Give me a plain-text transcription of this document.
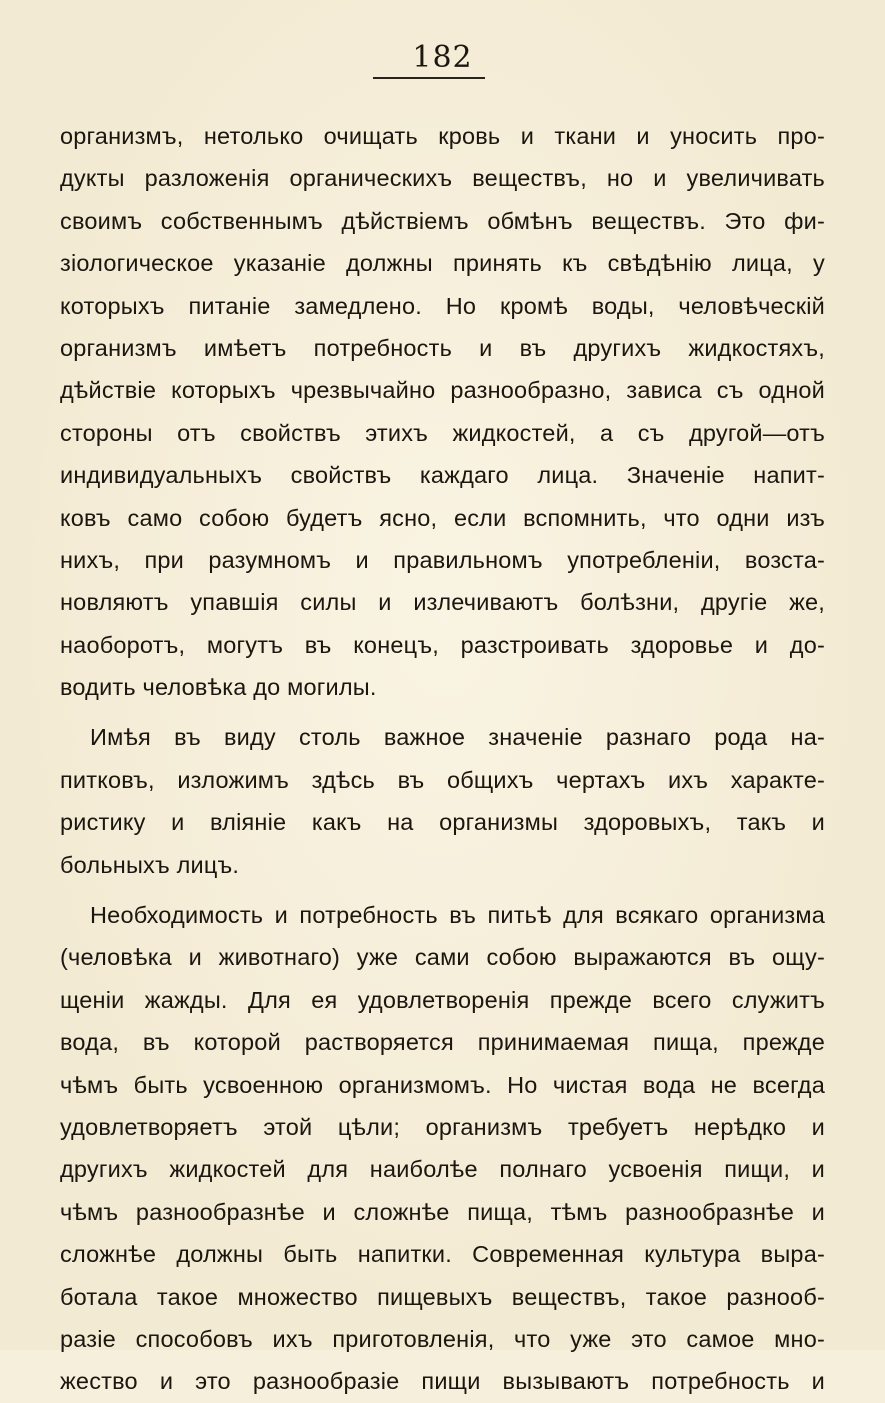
182
организмъ, нетолько очищать кровь и ткани и уносить про-
дукты разложенія органическихъ веществъ, но и увеличивать
своимъ собственнымъ дѣйствіемъ обмѣнъ веществъ. Это фи-
зіологическое указаніе должны принять къ свѣдѣнію лица, у
которыхъ питаніе замедлено. Но кромѣ воды, человѣческій
организмъ имѣетъ потребность и въ другихъ жидкостяхъ,
дѣйствіе которыхъ чрезвычайно разнообразно, зависа съ одной
стороны отъ свойствъ этихъ жидкостей, а съ другой—отъ
индивидуальныхъ свойствъ каждаго лица. Значеніе напит-
ковъ само собою будетъ ясно, если вспомнить, что одни изъ
нихъ, при разумномъ и правильномъ употребленіи, возста-
новляютъ упавшія силы и излечиваютъ болѣзни, другіе же,
наоборотъ, могутъ въ конецъ, разстроивать здоровье и до-
водить человѣка до могилы.
Имѣя въ виду столь важное значеніе разнаго рода на-
питковъ, изложимъ здѣсь въ общихъ чертахъ ихъ характе-
ристику и вліяніе какъ на организмы здоровыхъ, такъ и
больныхъ лицъ.
Необходимость и потребность въ питьѣ для всякаго организма
(человѣка и животнаго) уже сами собою выражаются въ ощу-
щеніи жажды. Для ея удовлетворенія прежде всего служитъ
вода, въ которой растворяется принимаемая пища, прежде
чѣмъ быть усвоенною организмомъ. Но чистая вода не всегда
удовлетворяетъ этой цѣли; организмъ требуетъ нерѣдко и
другихъ жидкостей для наиболѣе полнаго усвоенія пищи, и
чѣмъ разнообразнѣе и сложнѣе пища, тѣмъ разнообразнѣе и
сложнѣе должны быть напитки. Современная культура выра-
ботала такое множество пищевыхъ веществъ, такое разнооб-
разіе способовъ ихъ приготовленія, что уже это самое мно-
жество и это разнообразіе пищи вызываютъ потребность и
